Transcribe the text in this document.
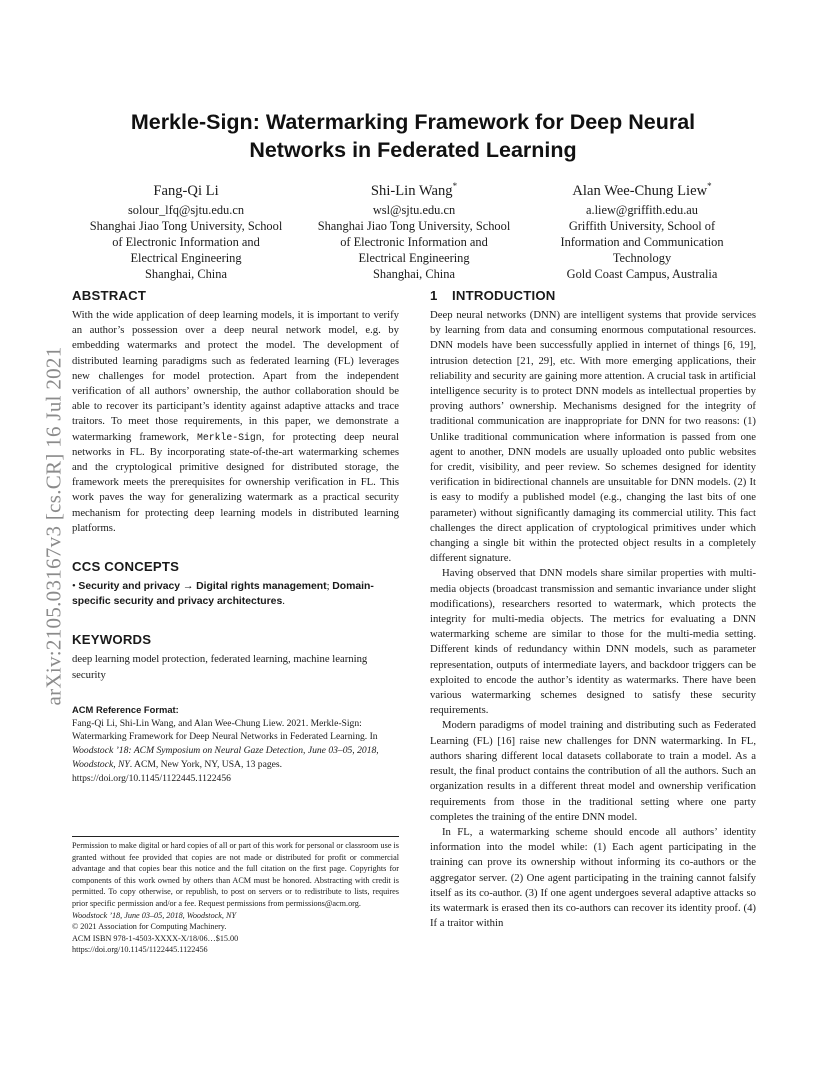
arXiv:2105.03167v3 [cs.CR] 16 Jul 2021
Merkle-Sign: Watermarking Framework for Deep Neural Networks in Federated Learning
Fang-Qi Li
solour_lfq@sjtu.edu.cn
Shanghai Jiao Tong University, School
of Electronic Information and
Electrical Engineering
Shanghai, China
Shi-Lin Wang*
wsl@sjtu.edu.cn
Shanghai Jiao Tong University, School
of Electronic Information and
Electrical Engineering
Shanghai, China
Alan Wee-Chung Liew*
a.liew@griffith.edu.au
Griffith University, School of
Information and Communication
Technology
Gold Coast Campus, Australia
ABSTRACT
With the wide application of deep learning models, it is important to verify an author’s possession over a deep neural network model, e.g. by embedding watermarks and protect the model. The development of distributed learning paradigms such as federated learning (FL) leverages new challenges for model protection. Apart from the independent verification of all authors’ ownership, the author collaboration should be able to recover its participant’s identity against adaptive attacks and trace traitors. To meet those requirements, in this paper, we demonstrate a watermarking framework, Merkle-Sign, for protecting deep neural networks in FL. By incorporating state-of-the-art watermarking schemes and the cryptological primitive designed for distributed storage, the framework meets the prerequisites for ownership verification in FL. This work paves the way for generalizing watermark as a practical security mechanism for protecting deep learning models in distributed learning platforms.
CCS CONCEPTS
• Security and privacy → Digital rights management; Domain-specific security and privacy architectures.
KEYWORDS
deep learning model protection, federated learning, machine learning security
ACM Reference Format:
Fang-Qi Li, Shi-Lin Wang, and Alan Wee-Chung Liew. 2021. Merkle-Sign: Watermarking Framework for Deep Neural Networks in Federated Learning. In Woodstock ’18: ACM Symposium on Neural Gaze Detection, June 03–05, 2018, Woodstock, NY. ACM, New York, NY, USA, 13 pages. https://doi.org/10.1145/1122445.1122456
Permission to make digital or hard copies of all or part of this work for personal or classroom use is granted without fee provided that copies are not made or distributed for profit or commercial advantage and that copies bear this notice and the full citation on the first page. Copyrights for components of this work owned by others than ACM must be honored. Abstracting with credit is permitted. To copy otherwise, or republish, to post on servers or to redistribute to lists, requires prior specific permission and/or a fee. Request permissions from permissions@acm.org.
Woodstock ’18, June 03–05, 2018, Woodstock, NY
© 2021 Association for Computing Machinery.
ACM ISBN 978-1-4503-XXXX-X/18/06…$15.00
https://doi.org/10.1145/1122445.1122456
1 INTRODUCTION

Deep neural networks (DNN) are intelligent systems that provide services by learning from data and consuming enormous computational resources. DNN models have been successfully applied in internet of things [6, 19], intrusion detection [21, 29], etc. With more emerging applications, their reliability and security are gaining more attention. A crucial task in artificial intelligence security is to protect DNN models as intellectual properties by proving authors’ ownership. Mechanisms designed for the integrity of traditional communication are inappropriate for DNN for two reasons: (1) Unlike traditional communication where information is passed from one agent to another, DNN models are usually uploaded onto public websites for credit, visibility, and peer review. So schemes designed for identity verification in bidirectional channels are unsuitable for DNN models. (2) It is easy to modify a published model (e.g., changing the last bits of one parameter) without significantly damaging its commercial utility. This fact challenges the direct application of cryptological primitives under which changing a single bit within the protected object results in a completely different signature.

Having observed that DNN models share similar properties with multi-media objects (broadcast transmission and semantic invariance under slight modifications), researchers resorted to watermark, which protects the integrity for multi-media objects. The metrics for evaluating a DNN watermarking scheme are similar to those for the multi-media setting. Different kinds of redundancy within DNN models, such as parameter representation, outputs of intermediate layers, and backdoor triggers can be exploited to encode the author’s identity as watermarks. There have been various watermarking schemes designed to satisfy these security requirements.

Modern paradigms of model training and distributing such as Federated Learning (FL) [16] raise new challenges for DNN watermarking. In FL, authors sharing different local datasets collaborate to train a model. As a result, the final product contains the contribution of all the authors. Such an organization results in a different threat model and ownership verification requirements from those in the traditional setting where one party completes the training of the entire DNN model.

In FL, a watermarking scheme should encode all authors’ identity information into the model while: (1) Each agent participating in the training can prove its ownership without informing its co-authors or the aggregator server. (2) One agent participating in the training cannot falsify itself as its co-author. (3) If one agent undergoes several adaptive attacks so its watermark is erased then its co-authors can recover its identity proof. (4) If a traitor within
